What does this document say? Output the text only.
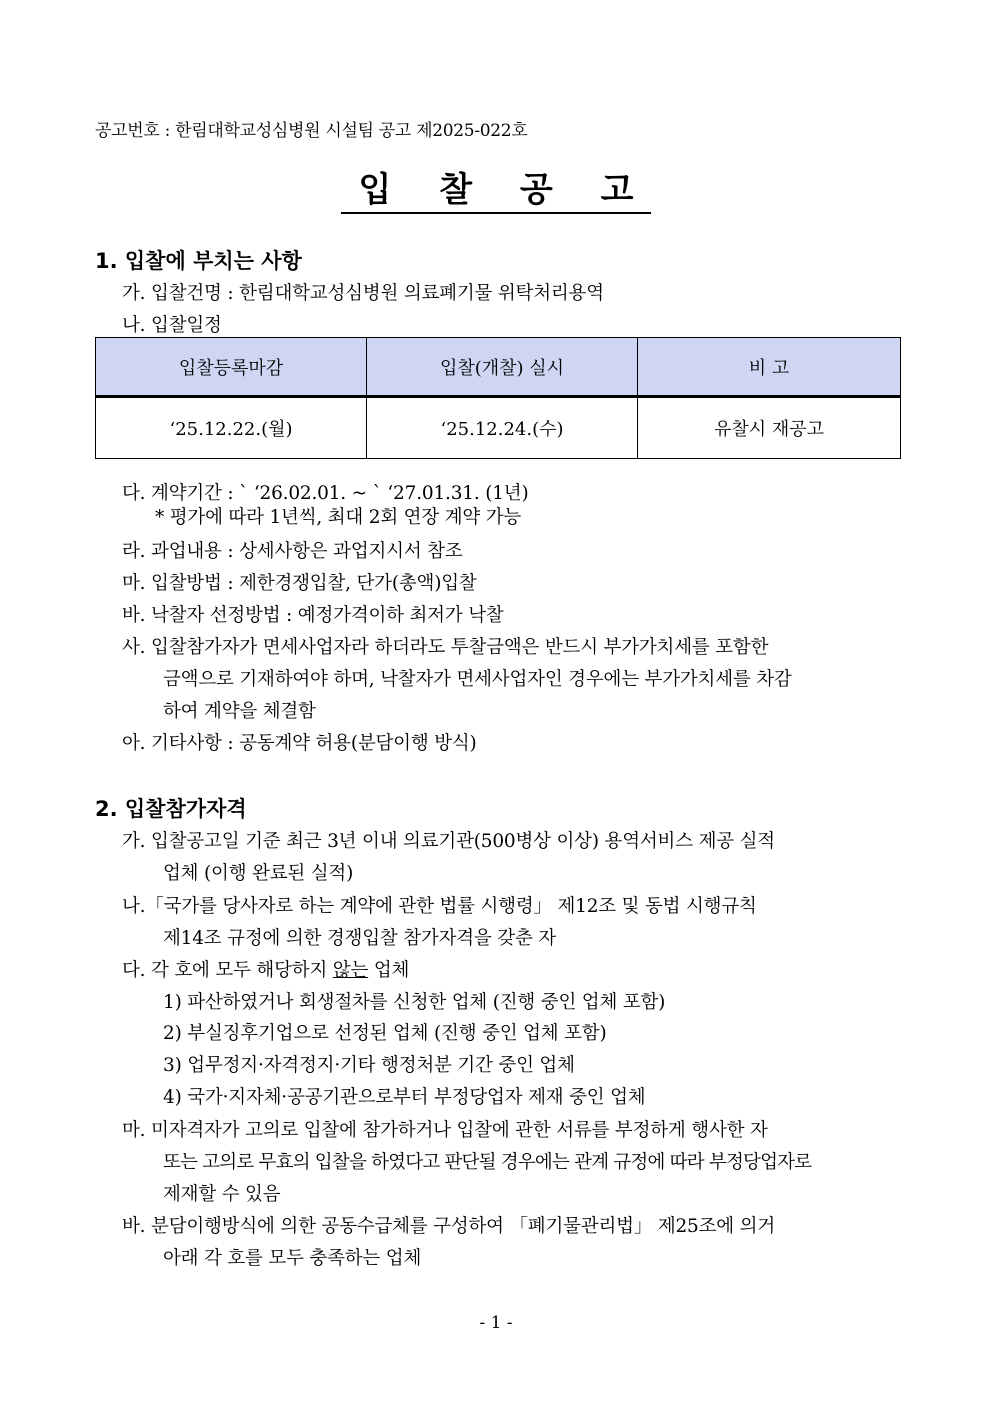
공고번호 : 한림대학교성심병원 시설팀 공고 제2025-022호
입 찰 공 고
1. 입찰에 부치는 사항
가. 입찰건명 : 한림대학교성심병원 의료폐기물 위탁처리용역
나. 입찰일정
입찰등록마감	입찰(개찰) 실시	비 고
‘25.12.22.(월)	‘25.12.24.(수)	유찰시 재공고
다. 계약기간 : ` ‘26.02.01. ~ ` ‘27.01.31. (1년)
* 평가에 따라 1년씩, 최대 2회 연장 계약 가능
라. 과업내용 : 상세사항은 과업지시서 참조
마. 입찰방법 : 제한경쟁입찰, 단가(총액)입찰
바. 낙찰자 선정방법 : 예정가격이하 최저가 낙찰
사. 입찰참가자가 면세사업자라 하더라도 투찰금액은 반드시 부가가치세를 포함한
금액으로 기재하여야 하며, 낙찰자가 면세사업자인 경우에는 부가가치세를 차감
하여 계약을 체결함
아. 기타사항 : 공동계약 허용(분담이행 방식)
2. 입찰참가자격
가. 입찰공고일 기준 최근 3년 이내 의료기관(500병상 이상) 용역서비스 제공 실적
업체 (이행 완료된 실적)
나.「국가를 당사자로 하는 계약에 관한 법률 시행령」 제12조 및 동법 시행규칙
제14조 규정에 의한 경쟁입찰 참가자격을 갖춘 자
다. 각 호에 모두 해당하지 않는 업체
1) 파산하였거나 회생절차를 신청한 업체 (진행 중인 업체 포함)
2) 부실징후기업으로 선정된 업체 (진행 중인 업체 포함)
3) 업무정지·자격정지·기타 행정처분 기간 중인 업체
4) 국가·지자체·공공기관으로부터 부정당업자 제재 중인 업체
마. 미자격자가 고의로 입찰에 참가하거나 입찰에 관한 서류를 부정하게 행사한 자
또는 고의로 무효의 입찰을 하였다고 판단될 경우에는 관계 규정에 따라 부정당업자로
제재할 수 있음
바. 분담이행방식에 의한 공동수급체를 구성하여 「폐기물관리법」 제25조에 의거
아래 각 호를 모두 충족하는 업체
- 1 -
